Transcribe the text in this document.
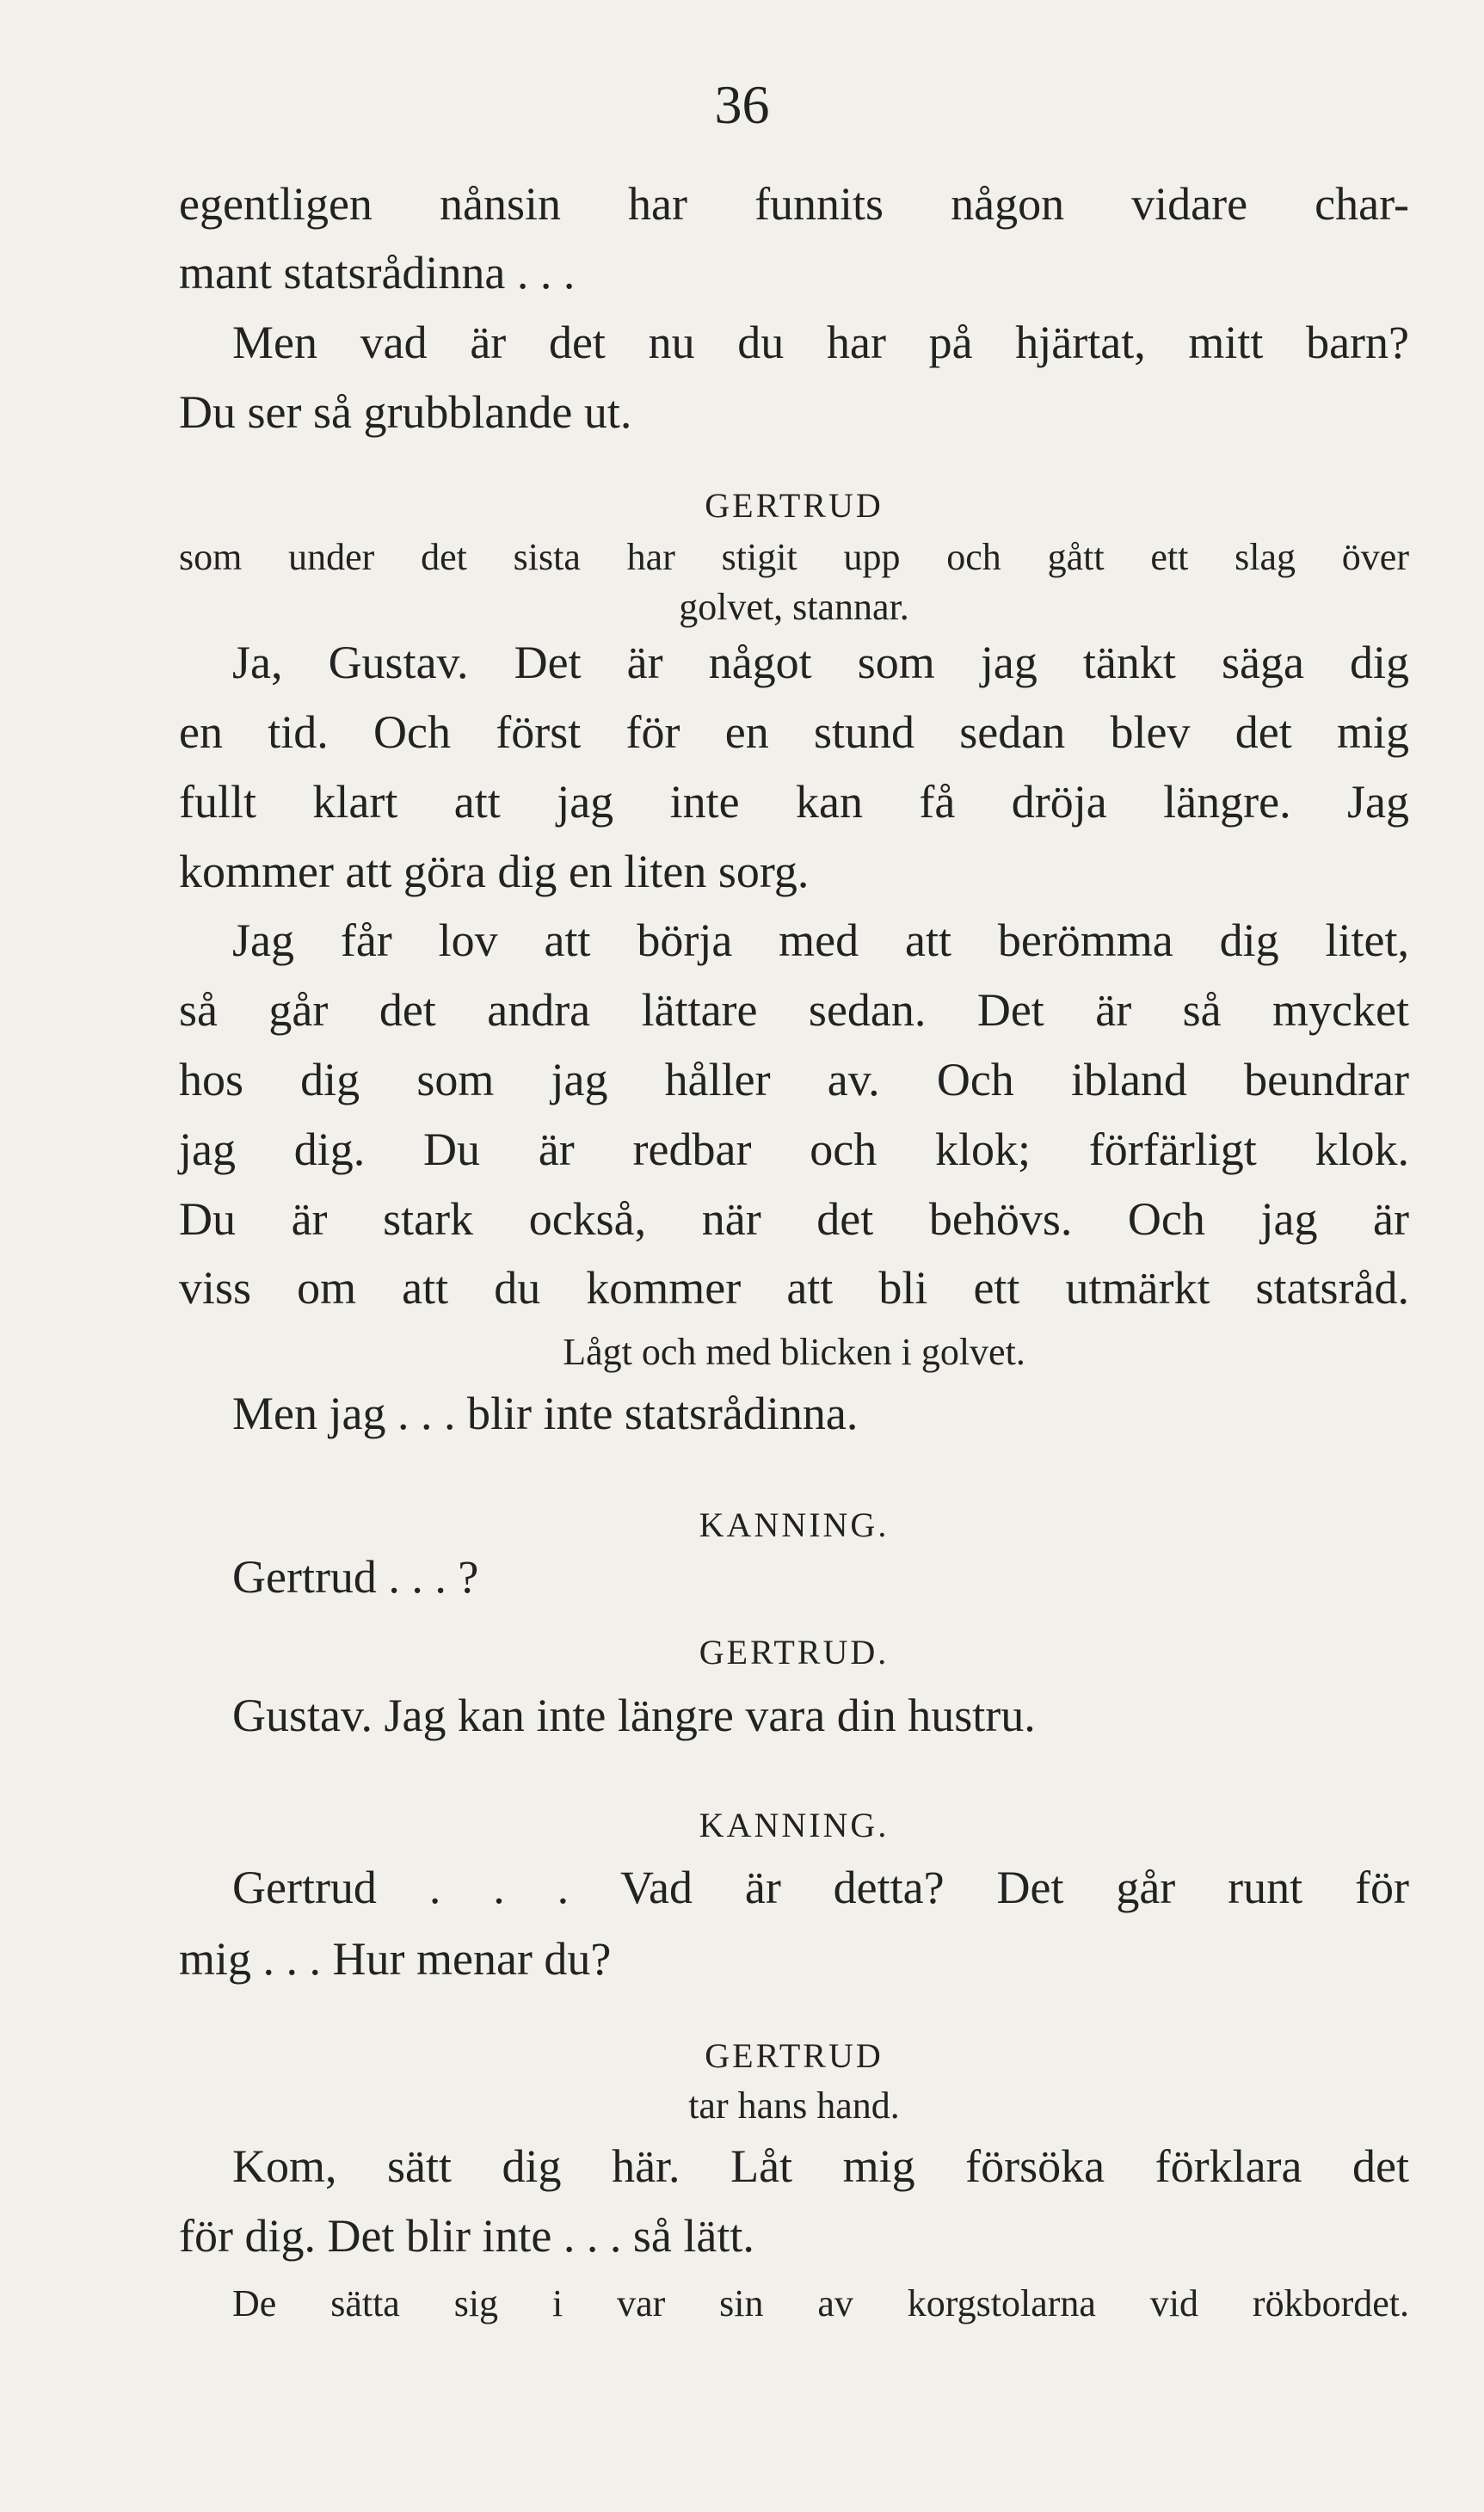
36
egentligen nånsin har funnits någon vidare char-
mant statsrådinna . . .
Men vad är det nu du har på hjärtat, mitt barn?
Du ser så grubblande ut.
GERTRUD
som under det sista har stigit upp och gått ett slag över
golvet, stannar.
Ja, Gustav. Det är något som jag tänkt säga dig
en tid. Och först för en stund sedan blev det mig
fullt klart att jag inte kan få dröja längre. Jag
kommer att göra dig en liten sorg.
Jag får lov att börja med att berömma dig litet,
så går det andra lättare sedan. Det är så mycket
hos dig som jag håller av. Och ibland beundrar
jag dig. Du är redbar och klok; förfärligt klok.
Du är stark också, när det behövs. Och jag är
viss om att du kommer att bli ett utmärkt statsråd.
Lågt och med blicken i golvet.
Men jag . . . blir inte statsrådinna.
KANNING.
Gertrud . . . ?
GERTRUD.
Gustav. Jag kan inte längre vara din hustru.
KANNING.
Gertrud . . . Vad är detta? Det går runt för
mig . . . Hur menar du?
GERTRUD
tar hans hand.
Kom, sätt dig här. Låt mig försöka förklara det
för dig. Det blir inte . . . så lätt.
De sätta sig i var sin av korgstolarna vid rökbordet.
